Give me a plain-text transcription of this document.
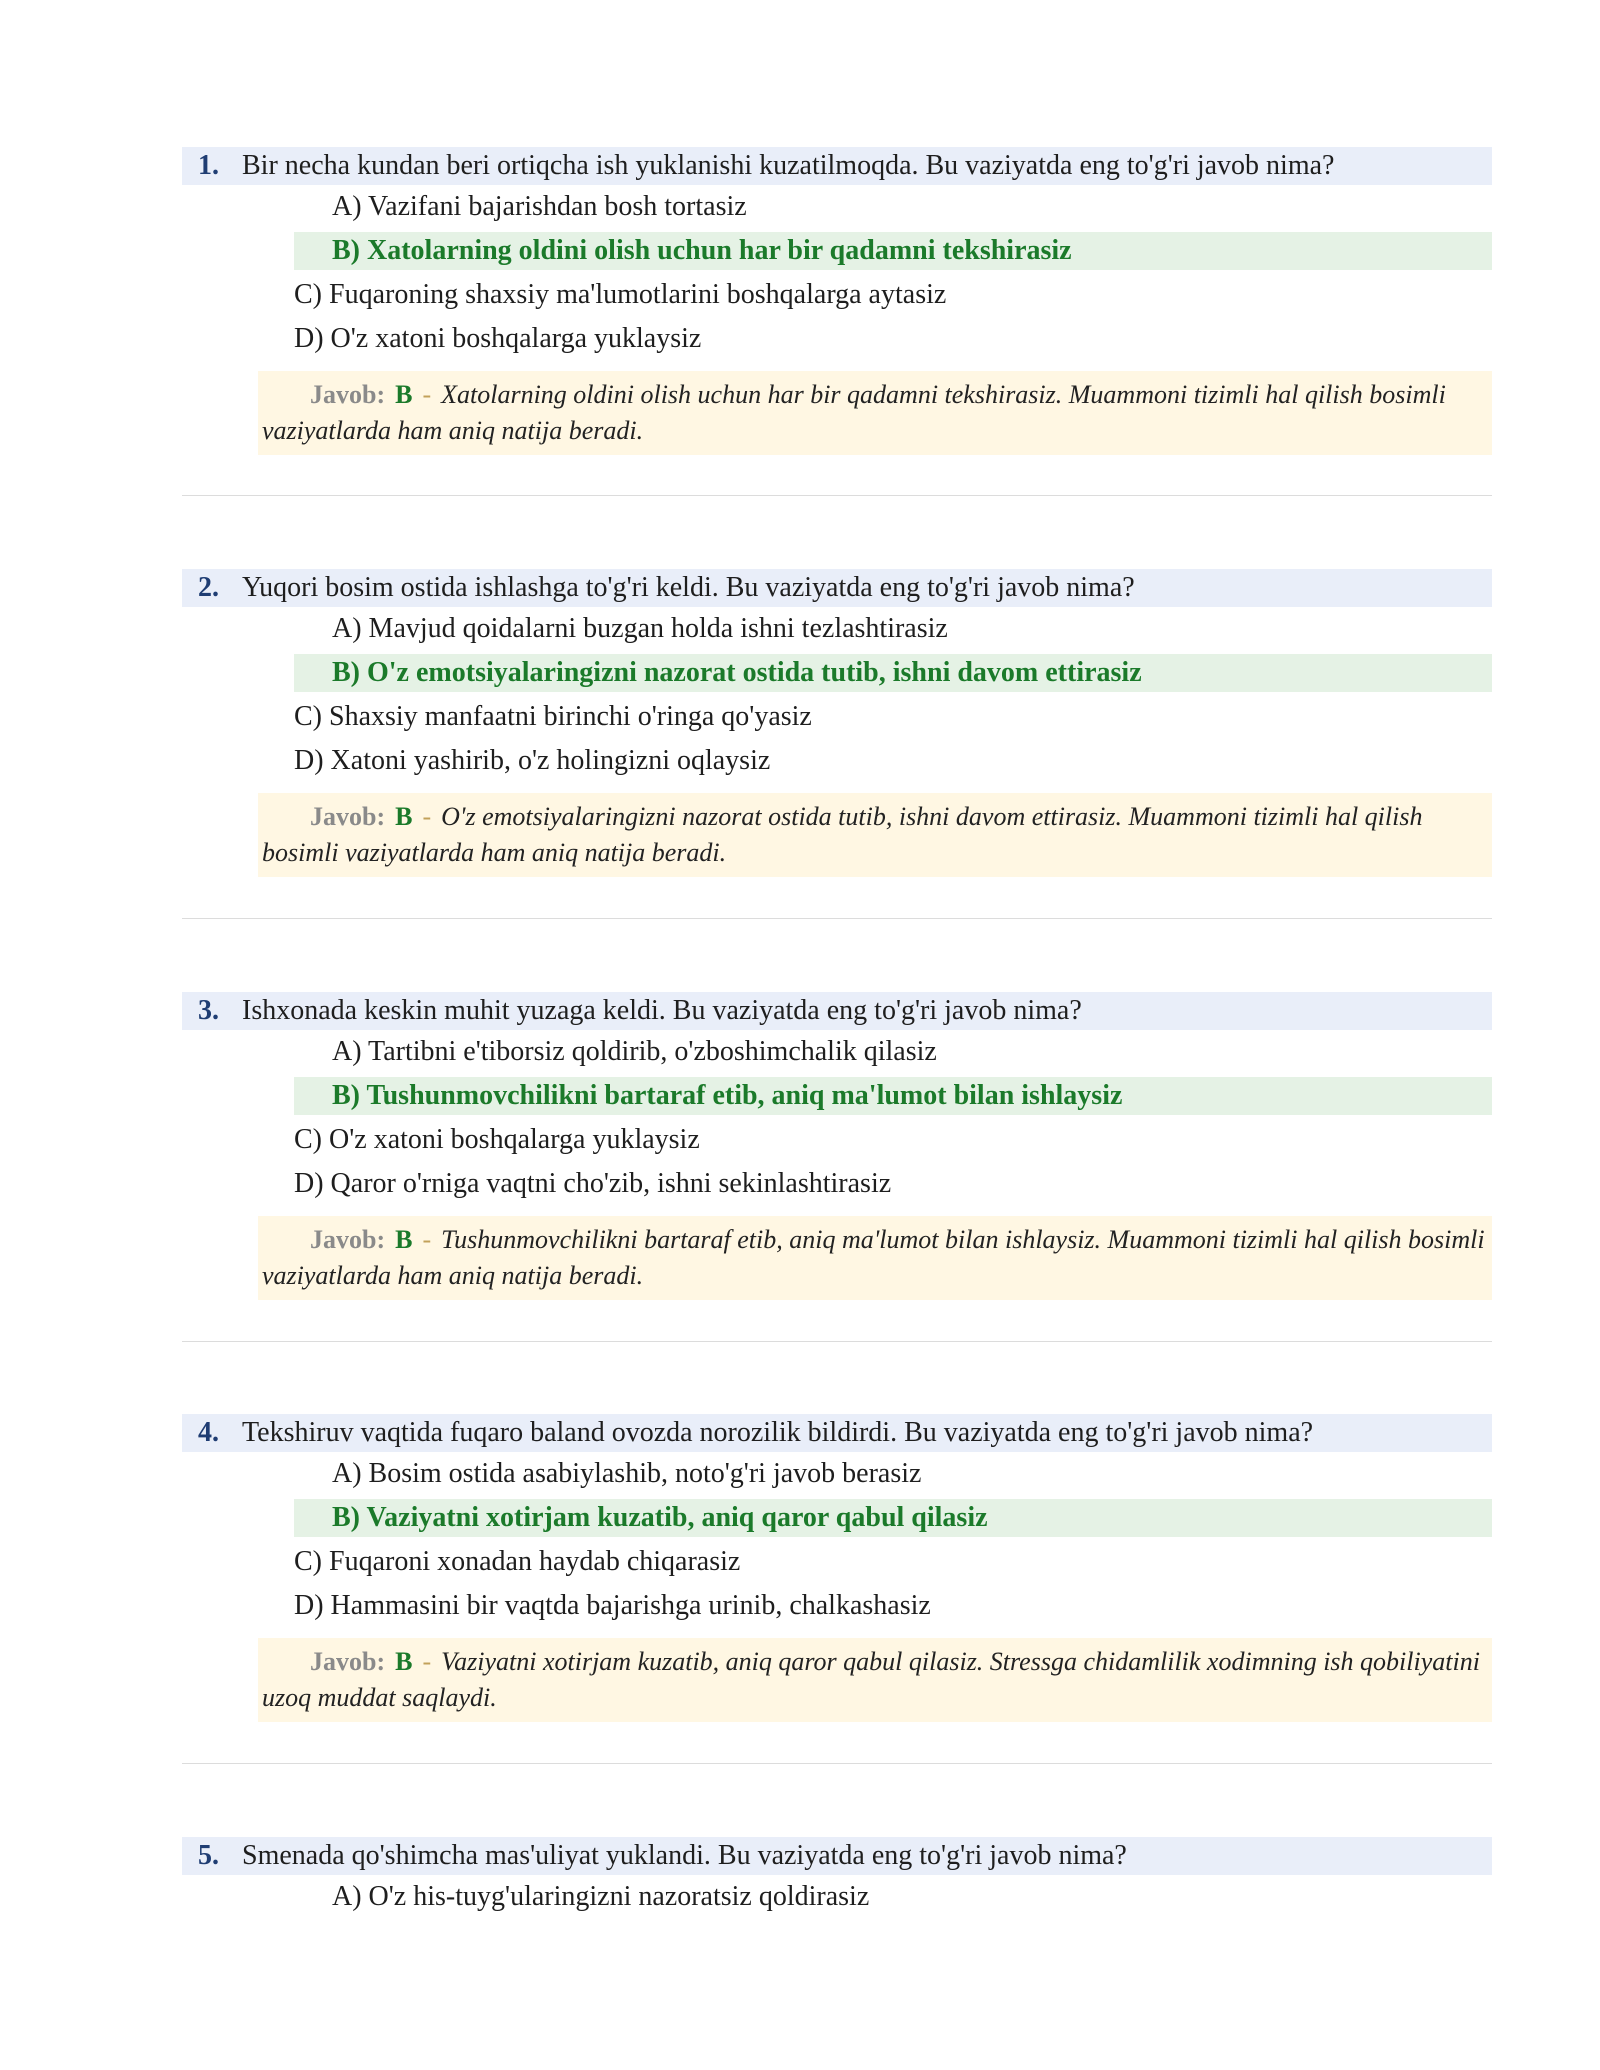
1. Bir necha kundan beri ortiqcha ish yuklanishi kuzatilmoqda. Bu vaziyatda eng to'g'ri javob nima?
A) Vazifani bajarishdan bosh tortasiz
B) Xatolarning oldini olish uchun har bir qadamni tekshirasiz
C) Fuqaroning shaxsiy ma'lumotlarini boshqalarga aytasiz
D) O'z xatoni boshqalarga yuklaysiz
Javob: B - Xatolarning oldini olish uchun har bir qadamni tekshirasiz. Muammoni tizimli hal qilish bosimli vaziyatlarda ham aniq natija beradi.
2. Yuqori bosim ostida ishlashga to'g'ri keldi. Bu vaziyatda eng to'g'ri javob nima?
A) Mavjud qoidalarni buzgan holda ishni tezlashtirasiz
B) O'z emotsiyalaringizni nazorat ostida tutib, ishni davom ettirasiz
C) Shaxsiy manfaatni birinchi o'ringa qo'yasiz
D) Xatoni yashirib, o'z holingizni oqlaysiz
Javob: B - O'z emotsiyalaringizni nazorat ostida tutib, ishni davom ettirasiz. Muammoni tizimli hal qilish bosimli vaziyatlarda ham aniq natija beradi.
3. Ishxonada keskin muhit yuzaga keldi. Bu vaziyatda eng to'g'ri javob nima?
A) Tartibni e'tiborsiz qoldirib, o'zboshimchalik qilasiz
B) Tushunmovchilikni bartaraf etib, aniq ma'lumot bilan ishlaysiz
C) O'z xatoni boshqalarga yuklaysiz
D) Qaror o'rniga vaqtni cho'zib, ishni sekinlashtirasiz
Javob: B - Tushunmovchilikni bartaraf etib, aniq ma'lumot bilan ishlaysiz. Muammoni tizimli hal qilish bosimli vaziyatlarda ham aniq natija beradi.
4. Tekshiruv vaqtida fuqaro baland ovozda norozilik bildirdi. Bu vaziyatda eng to'g'ri javob nima?
A) Bosim ostida asabiylashib, noto'g'ri javob berasiz
B) Vaziyatni xotirjam kuzatib, aniq qaror qabul qilasiz
C) Fuqaroni xonadan haydab chiqarasiz
D) Hammasini bir vaqtda bajarishga urinib, chalkashasiz
Javob: B - Vaziyatni xotirjam kuzatib, aniq qaror qabul qilasiz. Stressga chidamlilik xodimning ish qobiliyatini uzoq muddat saqlaydi.
5. Smenada qo'shimcha mas'uliyat yuklandi. Bu vaziyatda eng to'g'ri javob nima?
A) O'z his-tuyg'ularingizni nazoratsiz qoldirasiz
